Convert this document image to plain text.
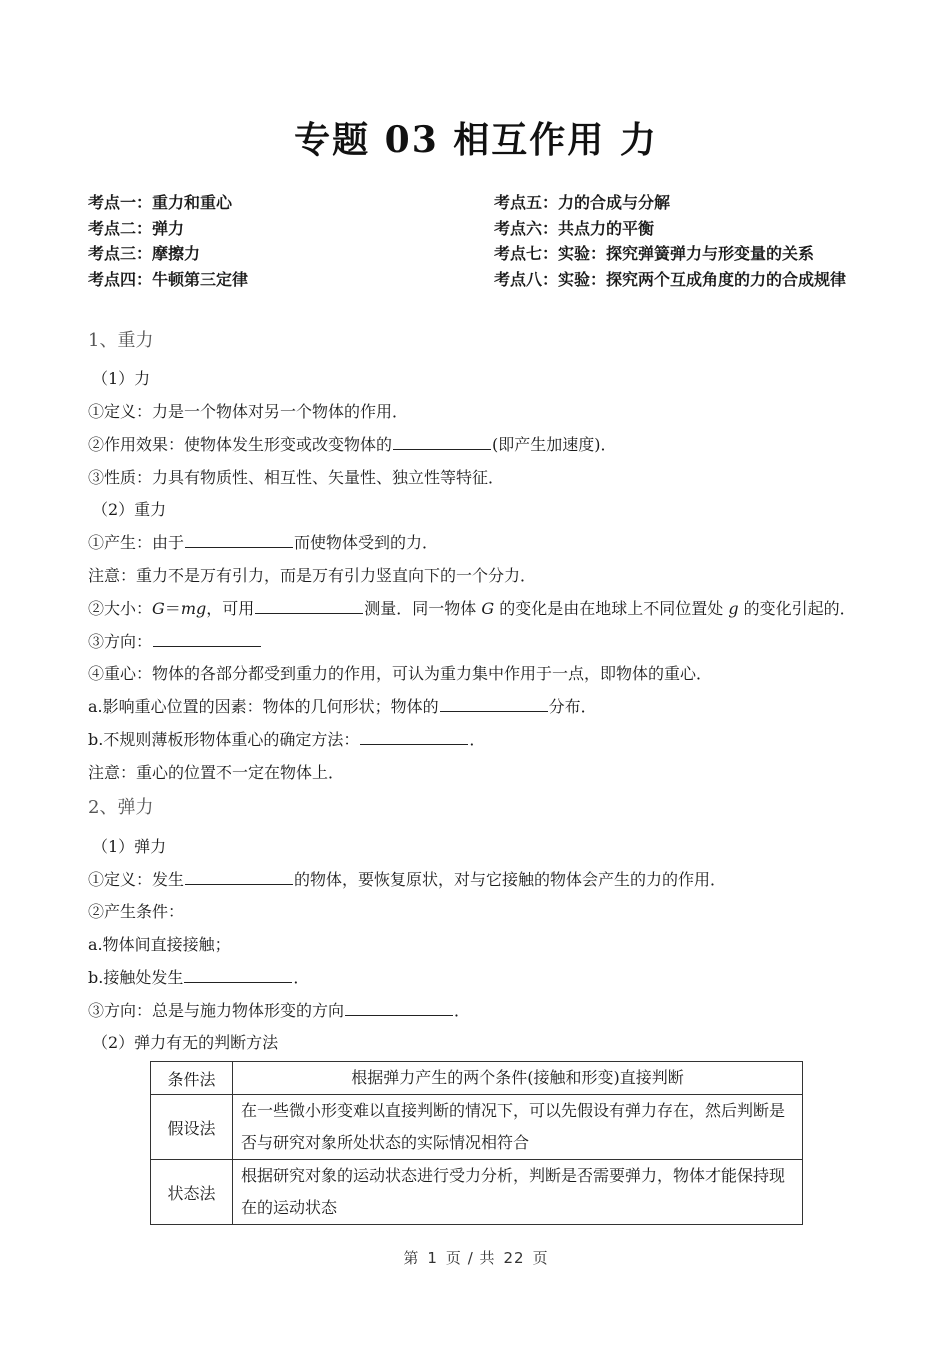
专题 03 相互作用 力
考点一：重力和重心
考点二：弹力
考点三：摩擦力
考点四：牛顿第三定律
考点五：力的合成与分解
考点六：共点力的平衡
考点七：实验：探究弹簧弹力与形变量的关系
考点八：实验：探究两个互成角度的力的合成规律
1、重力
（1）力
①定义：力是一个物体对另一个物体的作用．
②作用效果：使物体发生形变或改变物体的	(即产生加速度)．
③性质：力具有物质性、相互性、矢量性、独立性等特征．
（2）重力
①产生：由于	而使物体受到的力．
注意：重力不是万有引力，而是万有引力竖直向下的一个分力．
②大小：G＝mg，可用	测量．同一物体 G 的变化是由在地球上不同位置处 g 的变化引起的．
③方向：
④重心：物体的各部分都受到重力的作用，可认为重力集中作用于一点，即物体的重心．
a.影响重心位置的因素：物体的几何形状；物体的	分布．
b.不规则薄板形物体重心的确定方法：	．
注意：重心的位置不一定在物体上．
2、弹力
（1）弹力
①定义：发生	的物体，要恢复原状，对与它接触的物体会产生的力的作用．
②产生条件：
a.物体间直接接触；
b.接触处发生	．
③方向：总是与施力物体形变的方向	．
（2）弹力有无的判断方法
条件法	根据弹力产生的两个条件(接触和形变)直接判断
假设法	在一些微小形变难以直接判断的情况下，可以先假设有弹力存在，然后判断是否与研究对象所处状态的实际情况相符合
状态法	根据研究对象的运动状态进行受力分析，判断是否需要弹力，物体才能保持现在的运动状态
第 1 页 / 共 22 页
